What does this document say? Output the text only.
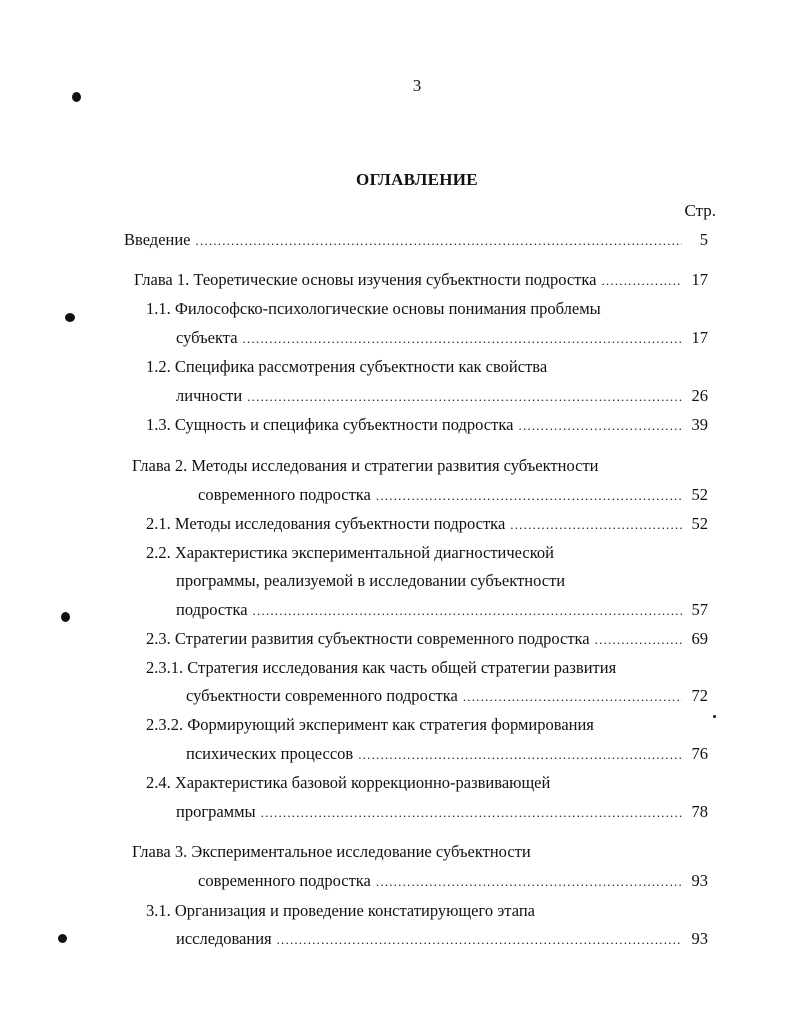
3
ОГЛАВЛЕНИЕ
Стр.
Введение .....	5
Глава 1. Теоретические основы изучения субъектности подростка .....	17
1.1. Философско-психологические основы понимания проблемы
субъекта .....	17
1.2. Специфика рассмотрения субъектности как свойства
личности .....	26
1.3. Сущность и специфика субъектности подростка .....	39
Глава 2. Методы исследования и стратегии развития субъектности
современного подростка .....	52
2.1. Методы исследования субъектности подростка .....	52
2.2. Характеристика экспериментальной диагностической
программы, реализуемой в исследовании субъектности
подростка .....	57
2.3. Стратегии развития субъектности современного подростка .....	69
2.3.1. Стратегия исследования как часть общей стратегии развития
субъектности современного подростка .....	72
2.3.2. Формирующий эксперимент как стратегия формирования
психических процессов .....	76
2.4. Характеристика базовой коррекционно-развивающей
программы .....	78
Глава 3. Экспериментальное исследование субъектности
современного подростка .....	93
3.1. Организация и проведение констатирующего этапа
исследования .....	93
